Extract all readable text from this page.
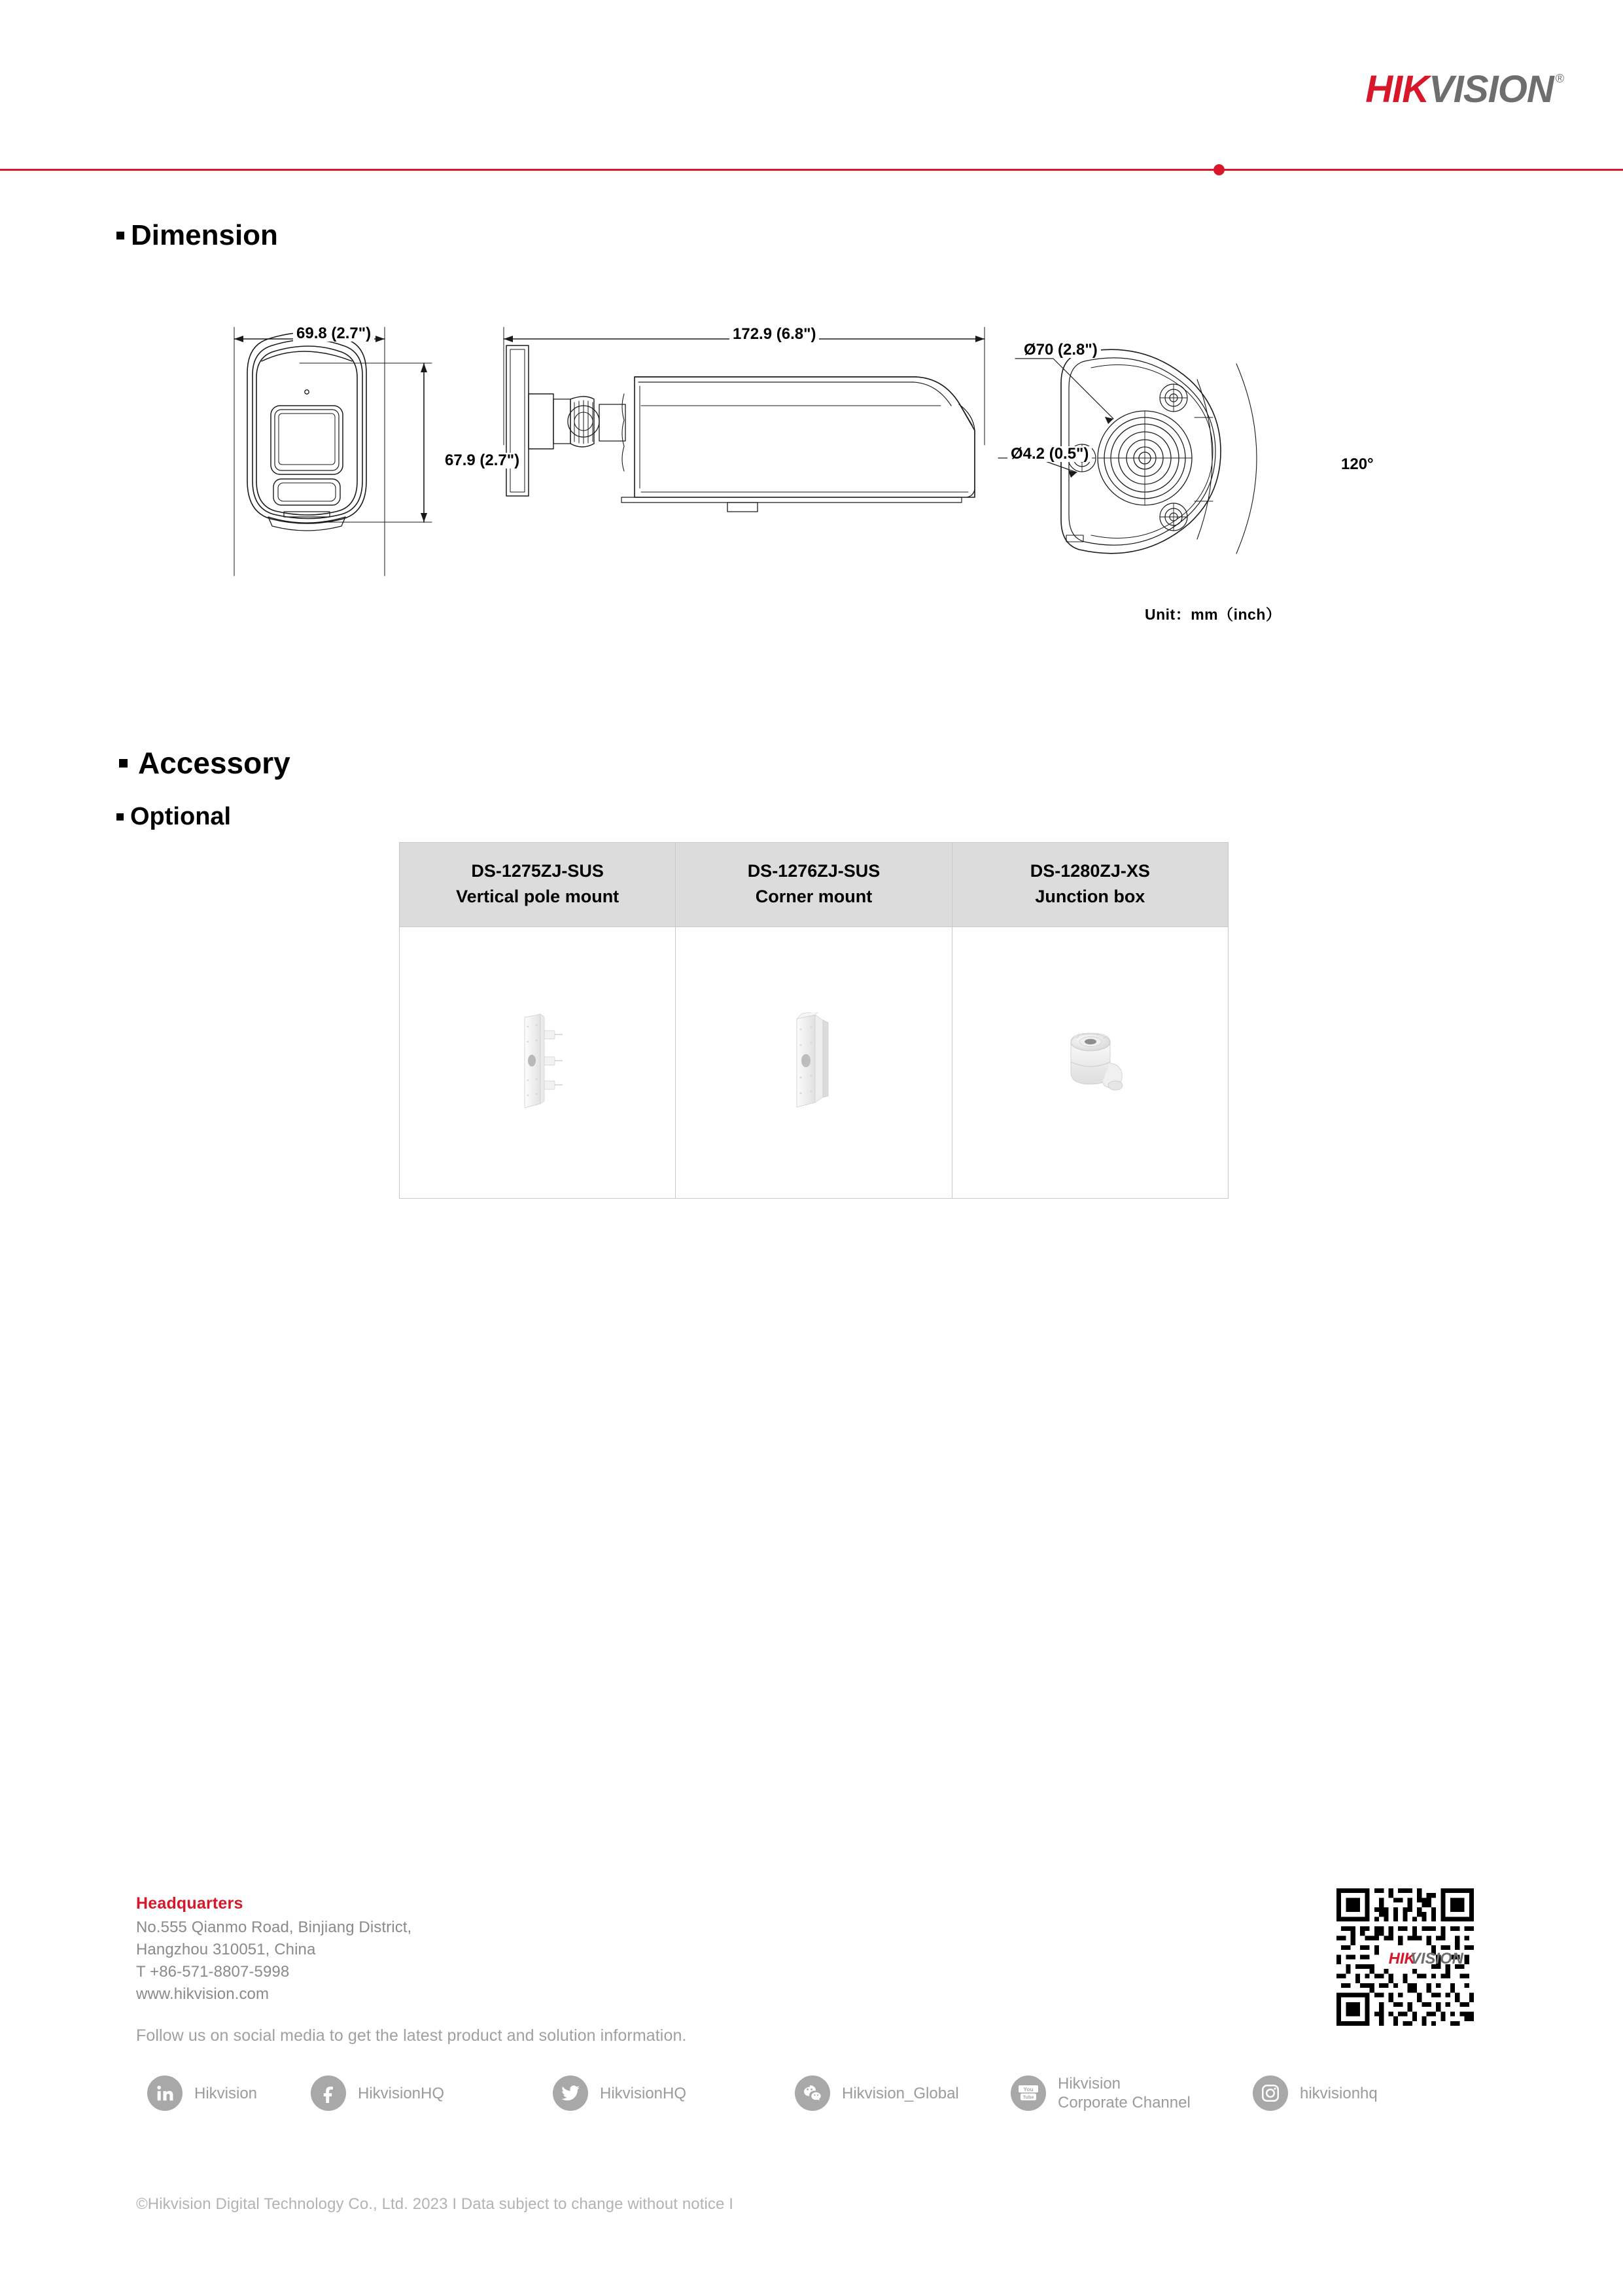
HIK VISION ®
Dimension
69.8 (2.7")
67.9 (2.7")
172.9 (6.8")
Ø70 (2.8")
Ø4.2 (0.5")
120°
Unit：mm（inch）
Accessory
Optional
DS-1275ZJ-SUS
Vertical pole mount

DS-1276ZJ-SUS
Corner mount

DS-1280ZJ-XS
Junction box

Headquarters
No.555 Qianmo Road, Binjiang District,
Hangzhou 310051, China
T +86-571-8807-5998
www.hikvision.com
Follow us on social media to get the latest product and solution information.
Hikvision	HikvisionHQ	HikvisionHQ	Hikvision_Global	You
Tube
Hikvision
Corporate Channel
hikvisionhq
©Hikvision Digital Technology Co., Ltd. 2023 I Data subject to change without notice I
HIK
VISION
